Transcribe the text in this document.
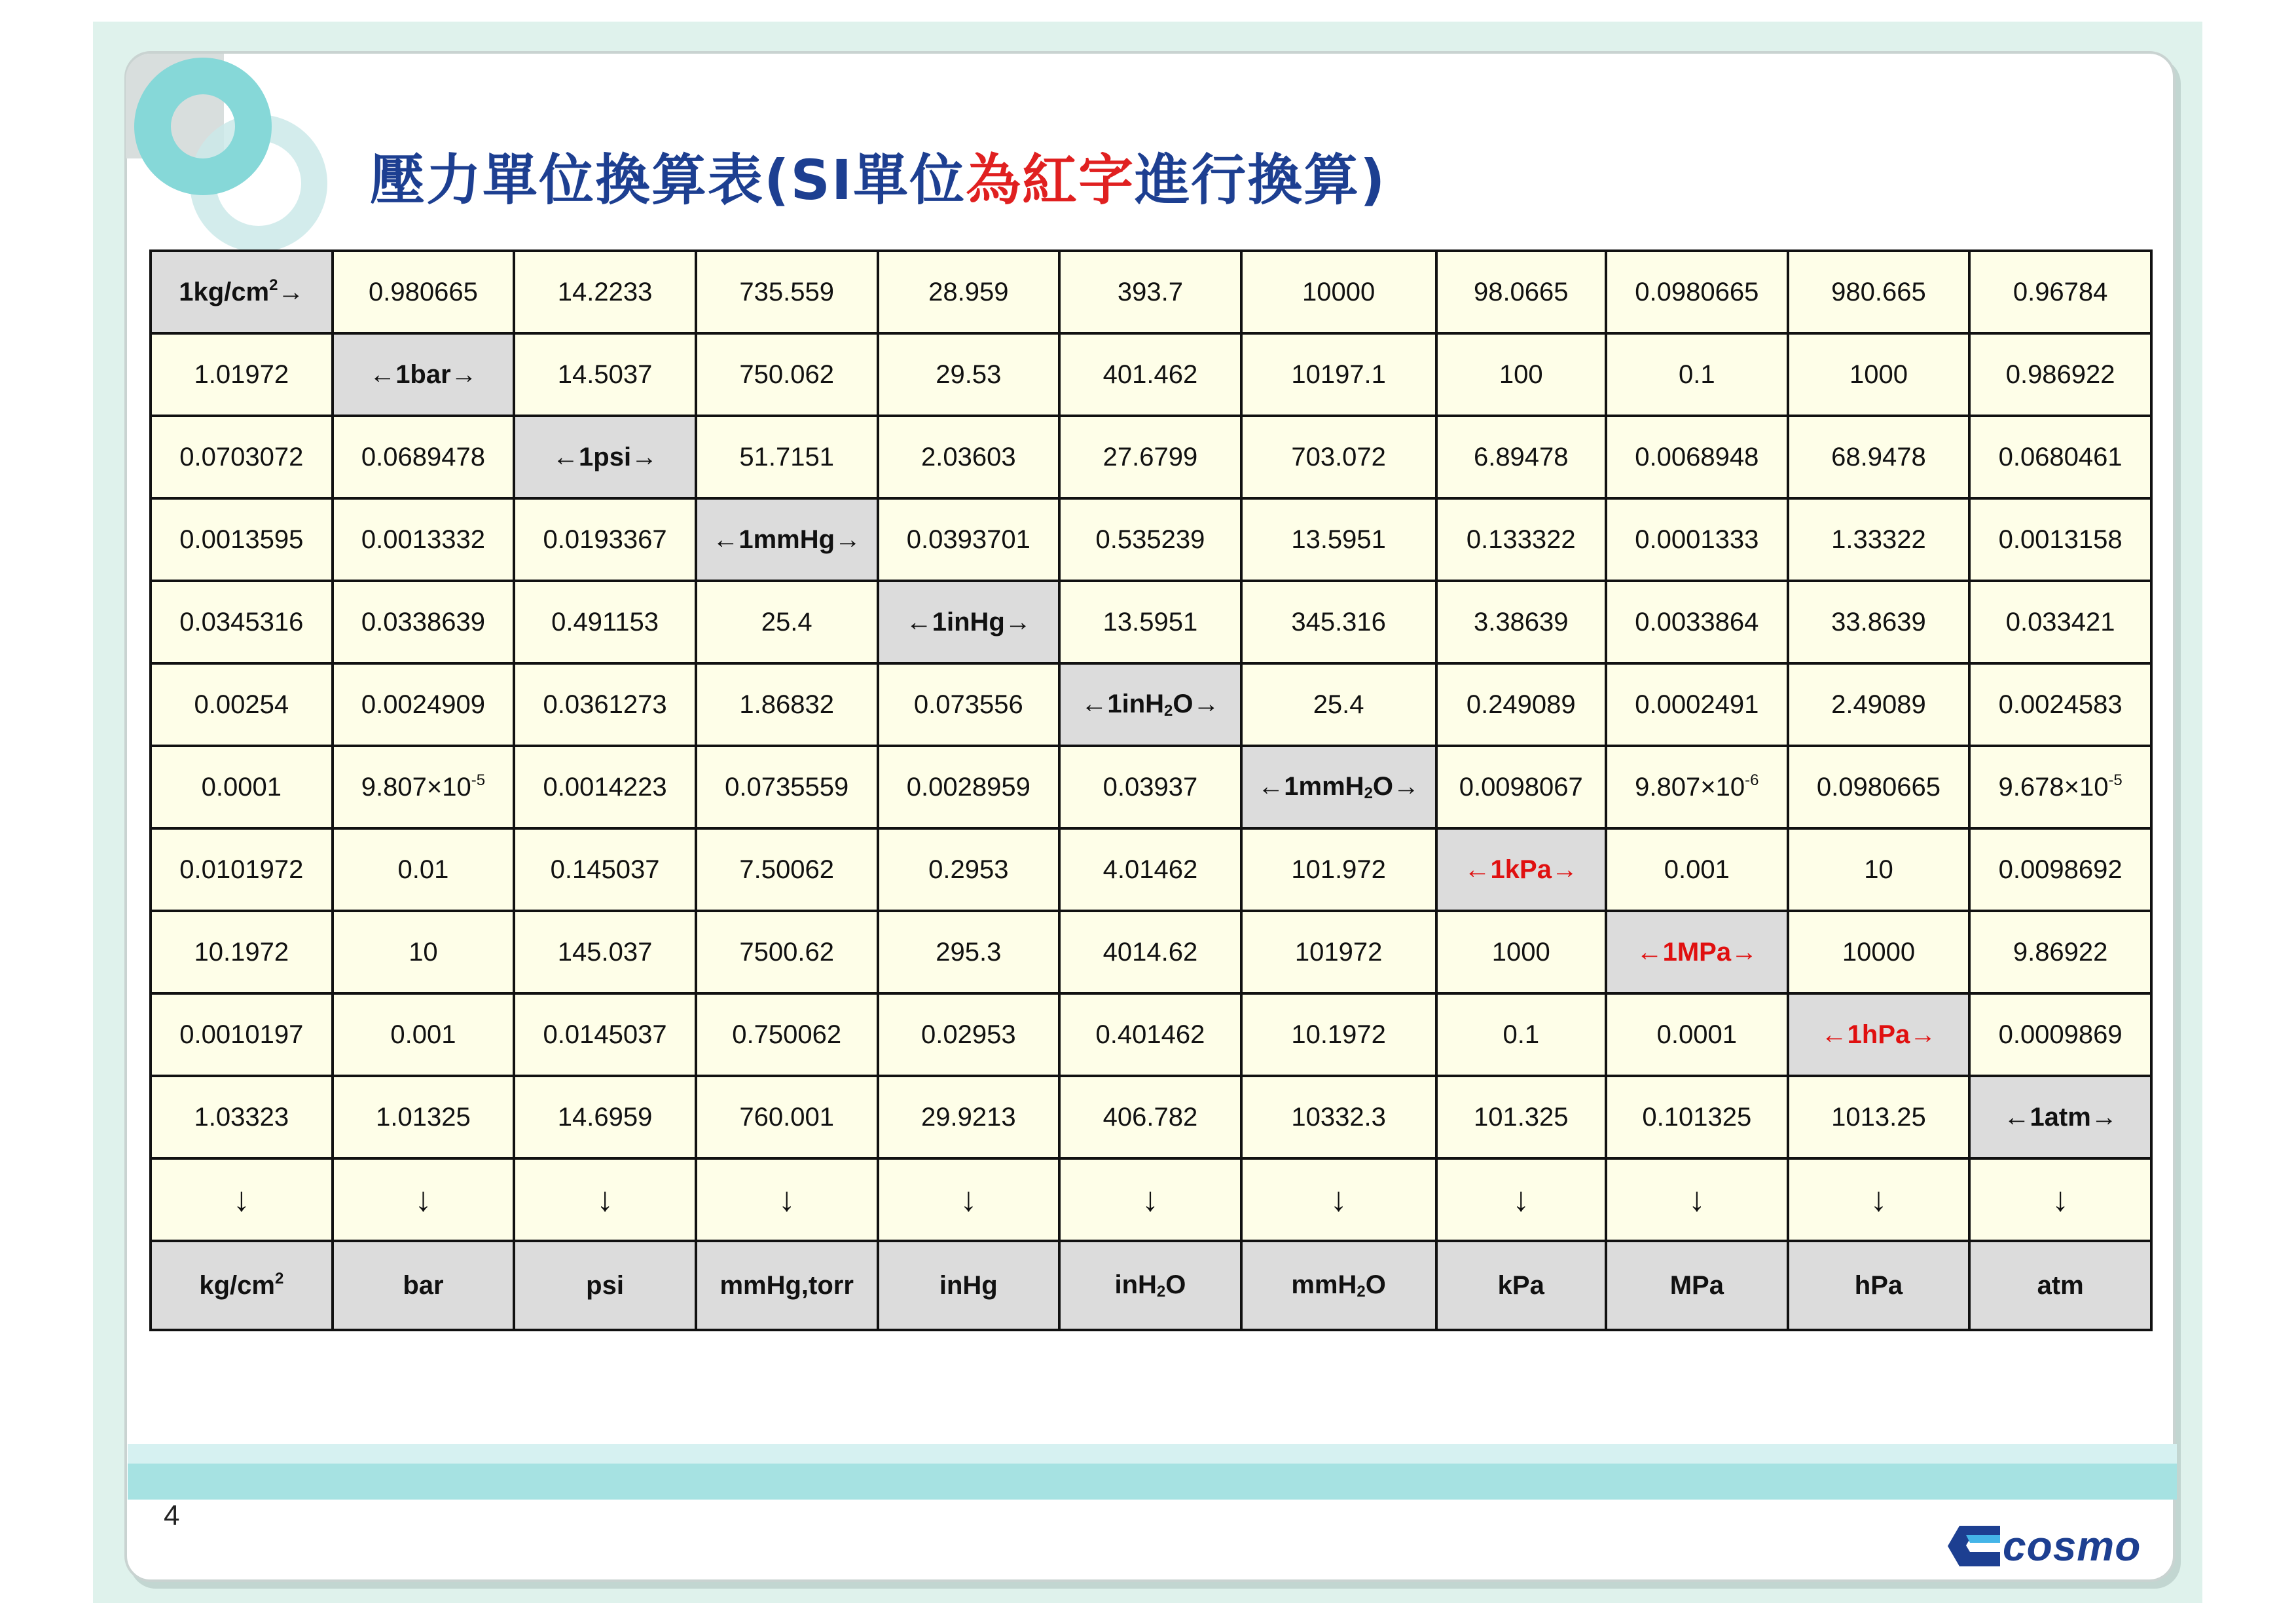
壓力單位換算表(SI單位為紅字進行換算)
$1kg/cm^2\to$	0.980665	14.2233	735.559	28.959	393.7	10000	98.0665	0.0980665	980.665	0.96784
1.01972	←1bar→	14.5037	750.062	29.53	401.462	10197.1	100	0.1	1000	0.986922
0.0703072	0.0689478	←1psi→	51.7151	2.03603	27.6799	703.072	6.89478	0.0068948	68.9478	0.0680461
0.0013595	0.0013332	0.0193367	←1mmHg→	0.0393701	0.535239	13.5951	0.133322	0.0001333	1.33322	0.0013158
0.0345316	0.0338639	0.491153	25.4	←1inHg→	13.5951	345.316	3.38639	0.0033864	33.8639	0.033421
0.00254	0.0024909	0.0361273	1.86832	0.073556	←1inH2O→	25.4	0.249089	0.0002491	2.49089	0.0024583
0.0001	$9.807\times 10^{-5}$	0.0014223	0.0735559	0.0028959	0.03937	←1mmH2O→	0.0098067	$9.807\times 10^{-6}$	0.0980665	$9.678\times 10^{-5}$
0.0101972	0.01	0.145037	7.50062	0.2953	4.01462	101.972	←1kPa→	0.001	10	0.0098692
10.1972	10	145.037	7500.62	295.3	4014.62	101972	1000	←1MPa→	10000	9.86922
0.0010197	0.001	0.0145037	0.750062	0.02953	0.401462	10.1972	0.1	0.0001	←1hPa→	0.0009869
1.03323	1.01325	14.6959	760.001	29.9213	406.782	10332.3	101.325	0.101325	1013.25	←1atm→
↓	↓	↓	↓	↓	↓	↓	↓	↓	↓	↓
$kg/cm^2$	bar	psi	mmHg,torr	inHg	inH2O	mmH2O	kPa	MPa	hPa	atm
4
cosmo
